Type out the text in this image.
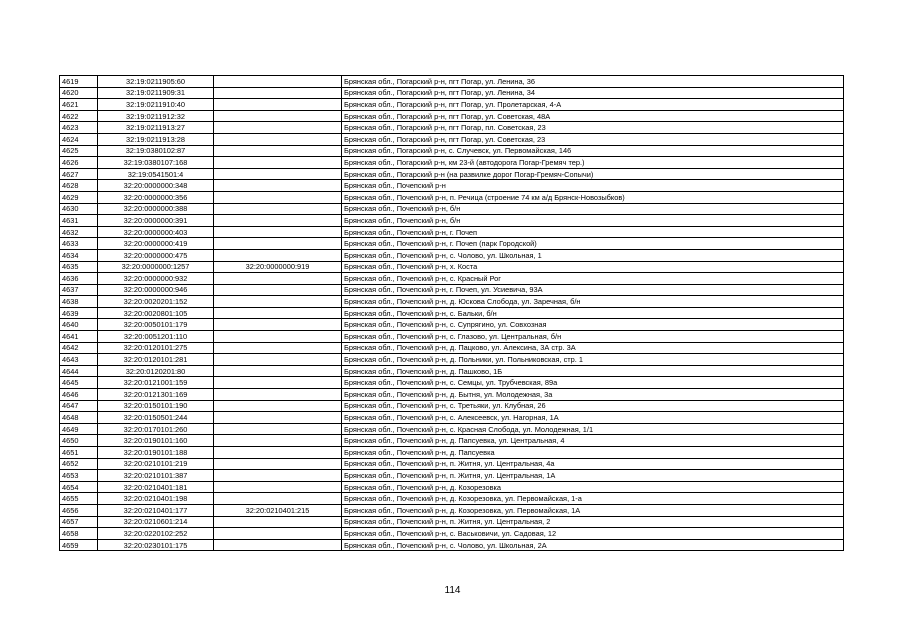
4619	32:19:0211905:60		Брянская обл., Погарский р-н, пгт Погар, ул. Ленина, 36
4620	32:19:0211909:31		Брянская обл., Погарский р-н, пгт Погар, ул. Ленина, 34
4621	32:19:0211910:40		Брянская обл., Погарский р-н, пгт Погар, ул. Пролетарская, 4-А
4622	32:19:0211912:32		Брянская обл., Погарский р-н, пгт Погар, ул. Советская, 48А
4623	32:19:0211913:27		Брянская обл., Погарский р-н, пгт Погар, пл. Советская, 23
4624	32:19:0211913:28		Брянская обл., Погарский р-н, пгт Погар, ул. Советская, 23
4625	32:19:0380102:87		Брянская обл., Погарский р-н, с. Случевск, ул. Первомайская, 146
4626	32:19:0380107:168		Брянская обл., Погарский р-н, км 23-й (автодорога Погар-Гремяч тер.)
4627	32:19:0541501:4		Брянская обл., Погарский р-н (на развилке дорог Погар-Гремяч-Сопычи)
4628	32:20:0000000:348		Брянская обл., Почепский р-н
4629	32:20:0000000:356		Брянская обл., Почепский р-н, п. Речица (строение 74 км а/д Брянск-Новозыбков)
4630	32:20:0000000:388		Брянская обл., Почепский р-н, б/н
4631	32:20:0000000:391		Брянская обл., Почепский р-н, б/н
4632	32:20:0000000:403		Брянская обл., Почепский р-н, г. Почеп
4633	32:20:0000000:419		Брянская обл., Почепский р-н, г. Почеп (парк Городской)
4634	32:20:0000000:475		Брянская обл., Почепский р-н, с. Чолово, ул. Школьная, 1
4635	32:20:0000000:1257	32:20:0000000:919	Брянская обл., Почепский р-н, х. Коста
4636	32:20:0000000:932		Брянская обл., Почепский р-н, с. Красный Рог
4637	32:20:0000000:946		Брянская обл., Почепский р-н, г. Почеп, ул. Усиевича, 93А
4638	32:20:0020201:152		Брянская обл., Почепский р-н, д. Юскова Слобода, ул. Заречная, б/н
4639	32:20:0020801:105		Брянская обл., Почепский р-н, с. Бальки, б/н
4640	32:20:0050101:179		Брянская обл., Почепский р-н, с. Супрягино, ул. Совхозная
4641	32:20:0051201:110		Брянская обл., Почепский р-н, с. Глазово, ул. Центральная, б/н
4642	32:20:0120101:275		Брянская обл., Почепский р-н, д. Пацково, ул. Алексина, 3А стр. 3А
4643	32:20:0120101:281		Брянская обл., Почепский р-н, д. Польники, ул. Польниковская, стр. 1
4644	32:20:0120201:80		Брянская обл., Почепский р-н, д. Пашково, 1Б
4645	32:20:0121001:159		Брянская обл., Почепский р-н, с. Семцы, ул. Трубчевская, 89а
4646	32:20:0121301:169		Брянская обл., Почепский р-н, д. Бытня, ул. Молодежная, 3а
4647	32:20:0150101:190		Брянская обл., Почепский р-н, с. Третьяки, ул. Клубная, 26
4648	32:20:0150501:244		Брянская обл., Почепский р-н, с. Алексеевск, ул. Нагорная, 1А
4649	32:20:0170101:260		Брянская обл., Почепский р-н, с. Красная Слобода, ул. Молодежная, 1/1
4650	32:20:0190101:160		Брянская обл., Почепский р-н, д. Папсуевка, ул. Центральная, 4
4651	32:20:0190101:188		Брянская обл., Почепский р-н, д. Папсуевка
4652	32:20:0210101:219		Брянская обл., Почепский р-н, п. Житня, ул. Центральная, 4а
4653	32:20:0210101:387		Брянская обл., Почепский р-н, п. Житня, ул. Центральная, 1А
4654	32:20:0210401:181		Брянская обл., Почепский р-н, д. Козорезовка
4655	32:20:0210401:198		Брянская обл., Почепский р-н, д. Козорезовка, ул. Первомайская, 1-а
4656	32:20:0210401:177	32:20:0210401:215	Брянская обл., Почепский р-н, д. Козорезовка, ул. Первомайская, 1А
4657	32:20:0210601:214		Брянская обл., Почепский р-н, п. Житня, ул. Центральная, 2
4658	32:20:0220102:252		Брянская обл., Почепский р-н, с. Васьковичи, ул. Садовая, 12
4659	32:20:0230101:175		Брянская обл., Почепский р-н, с. Чолово, ул. Школьная, 2А
114
